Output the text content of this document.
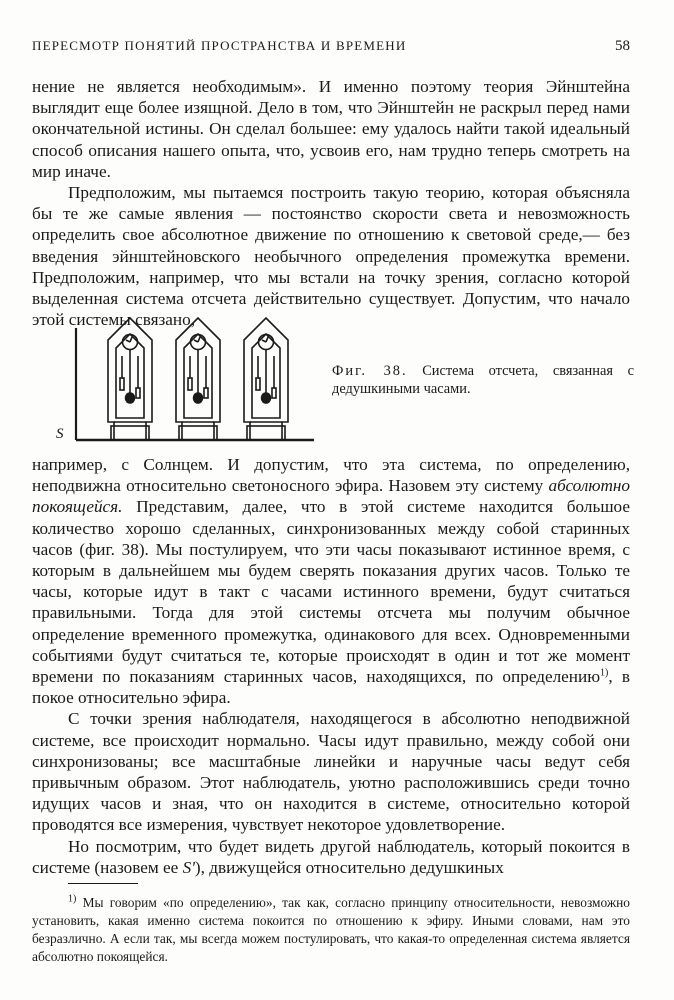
ПЕРЕСМОТР ПОНЯТИЙ ПРОСТРАНСТВА И ВРЕМЕНИ	58

нение не является необходимым». И именно поэтому теория Эйнштейна выглядит еще более изящной. Дело в том, что Эйнштейн не раскрыл перед нами окончательной истины. Он сделал большее: ему удалось найти такой идеальный способ описания нашего опыта, что, усвоив его, нам трудно теперь смотреть на мир иначе.

Предположим, мы пытаемся построить такую теорию, которая объясняла бы те же самые явления — постоянство скорости света и невозможность определить свое абсолютное движение по отношению к световой среде,— без введения эйнштейновского необычного определения промежутка времени. Предположим, например, что мы встали на точку зрения, согласно которой выделенная система отсчета действительно существует. Допустим, что начало этой системы связано,

S
Фиг. 38. Система отсчета, связанная с дедушкиными часами.

например, с Солнцем. И допустим, что эта система, по определению, неподвижна относительно светоносного эфира. Назовем эту систему абсолютно покоящейся. Представим, далее, что в этой системе находится большое количество хорошо сделанных, синхронизованных между собой старинных часов (фиг. 38). Мы постулируем, что эти часы показывают истинное время, с которым в дальнейшем мы будем сверять показания других часов. Только те часы, которые идут в такт с часами истинного времени, будут считаться правильными. Тогда для этой системы отсчета мы получим обычное определение временного промежутка, одинакового для всех. Одновременными событиями будут считаться те, которые происходят в один и тот же момент времени по показаниям старинных часов, находящихся, по определению$^{1)}$, в покое относительно эфира.

С точки зрения наблюдателя, находящегося в абсолютно неподвижной системе, все происходит нормально. Часы идут правильно, между собой они синхронизованы; все масштабные линейки и наручные часы ведут себя привычным образом. Этот наблюдатель, уютно расположившись среди точно идущих часов и зная, что он находится в системе, относительно которой проводятся все измерения, чувствует некоторое удовлетворение.

Но посмотрим, что будет видеть другой наблюдатель, который покоится в системе (назовем ее S'), движущейся относительно дедушкиных

$^{1)}$ Мы говорим «по определению», так как, согласно принципу относительности, невозможно установить, какая именно система покоится по отношению к эфиру. Иными словами, нам это безразлично. А если так, мы всегда можем постулировать, что какая-то определенная система является абсолютно покоящейся.
